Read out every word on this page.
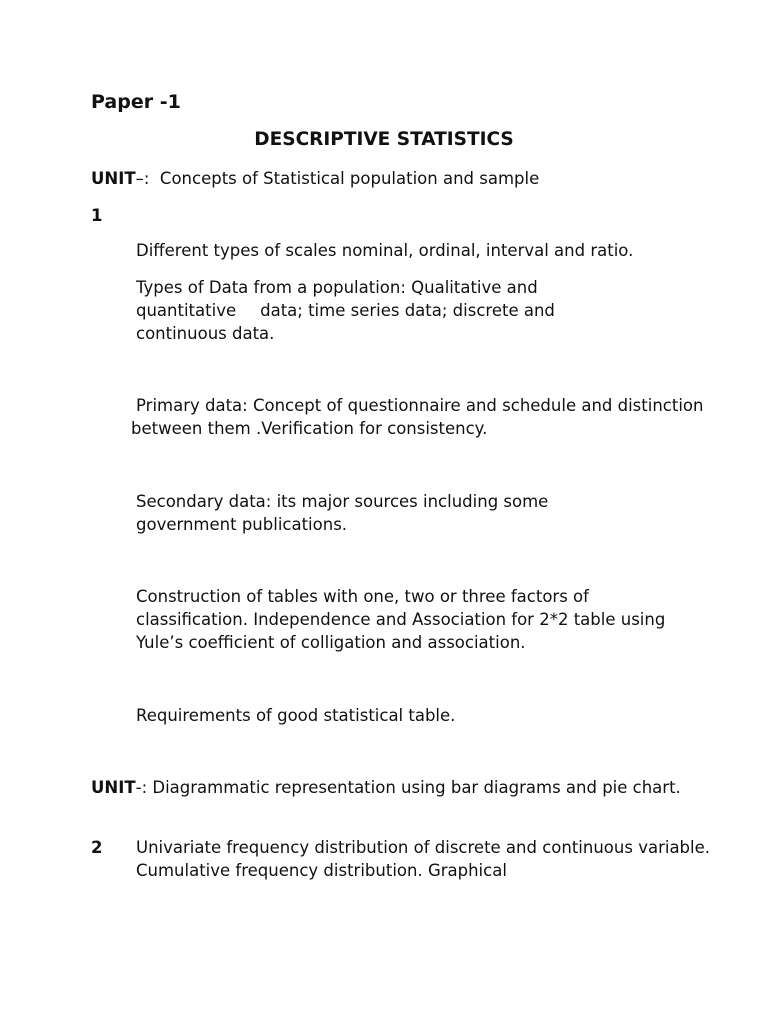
Paper -1
DESCRIPTIVE STATISTICS
UNIT–: Concepts of Statistical population and sample
1
Different types of scales nominal, ordinal, interval and ratio.
Types of Data from a population: Qualitative and quantitative data; time series data; discrete and continuous data.
Primary data: Concept of questionnaire and schedule and distinctionbetween them .Verification for consistency.
Secondary data: its major sources including some government publications.
Construction of tables with one, two or three factors of classification. Independence and Association for 2*2 table using Yule’s coefficient of colligation and association.
Requirements of good statistical table.
UNIT-: Diagrammatic representation using bar diagrams and pie chart.
2 Univariate frequency distribution of discrete and continuous variable. Cumulative frequency distribution. Graphical
